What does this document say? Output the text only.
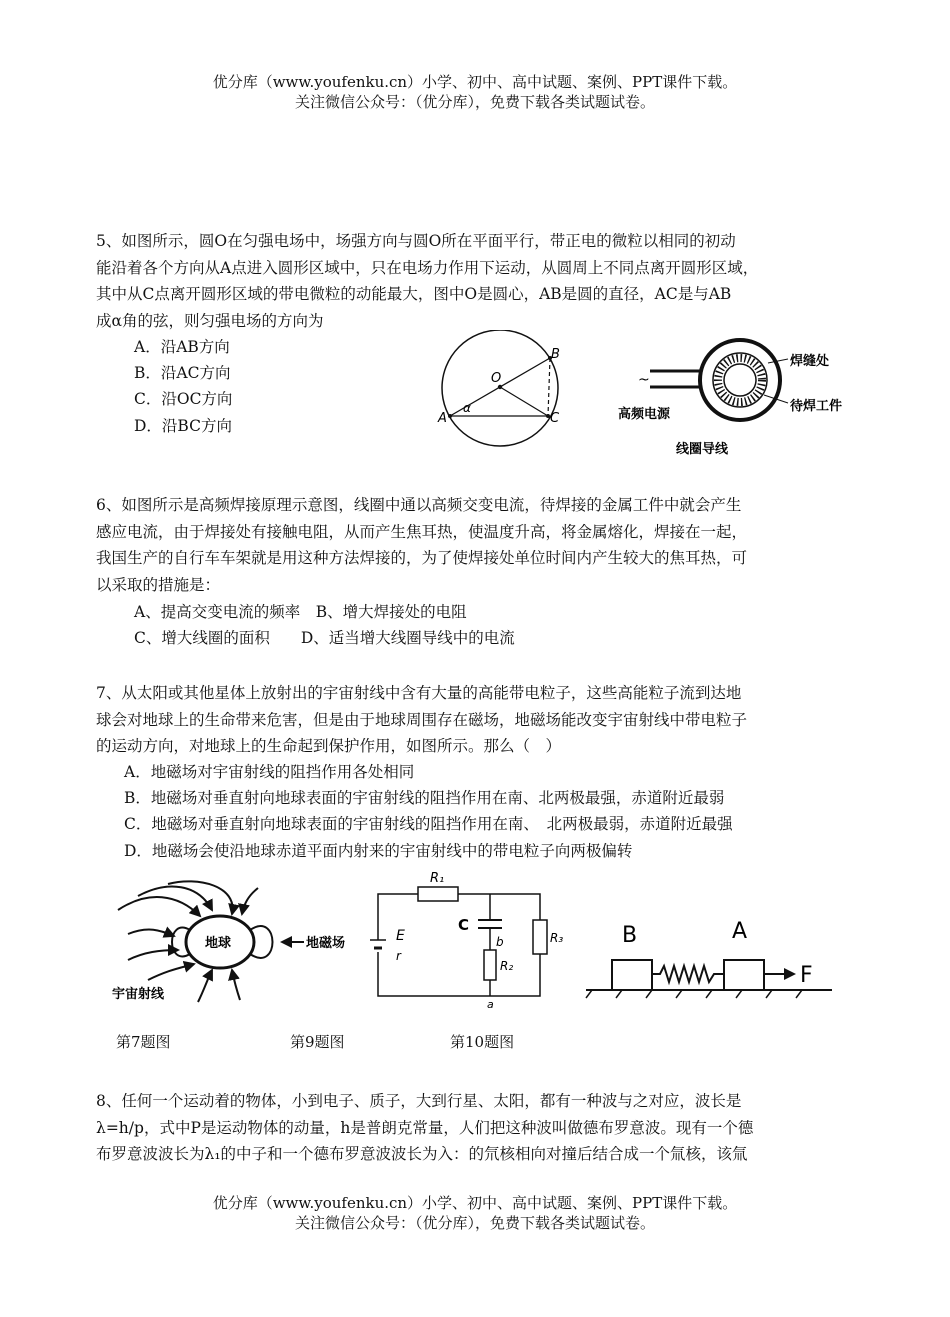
优分库（www.youfenku.cn）小学、初中、高中试题、案例、PPT课件下载。
关注微信公众号：（优分库），免费下载各类试题试卷。
5、如图所示，圆O在匀强电场中，场强方向与圆O所在平面平行，带正电的微粒以相同的初动
能沿着各个方向从A点进入圆形区域中，只在电场力作用下运动，从圆周上不同点离开圆形区域，
其中从C点离开圆形区域的带电微粒的动能最大，图中O是圆心，AB是圆的直径，AC是与AB
成α角的弦，则匀强电场的方向为
A．沿AB方向
B．沿AC方向
C．沿OC方向
D．沿BC方向
O
A
B
C
α
~
焊缝处
待焊工件
高频电源
线圈导线
6、如图所示是高频焊接原理示意图，线圈中通以高频交变电流，待焊接的金属工件中就会产生
感应电流，由于焊接处有接触电阻，从而产生焦耳热，使温度升高，将金属熔化，焊接在一起，
我国生产的自行车车架就是用这种方法焊接的，为了使焊接处单位时间内产生较大的焦耳热，可
以采取的措施是：
A、提高交变电流的频率　B、增大焊接处的电阻
C、增大线圈的面积　　D、适当增大线圈导线中的电流
7、从太阳或其他星体上放射出的宇宙射线中含有大量的高能带电粒子，这些高能粒子流到达地
球会对地球上的生命带来危害，但是由于地球周围存在磁场，地磁场能改变宇宙射线中带电粒子
的运动方向，对地球上的生命起到保护作用，如图所示。那么（　）
A．地磁场对宇宙射线的阻挡作用各处相同
B．地磁场对垂直射向地球表面的宇宙射线的阻挡作用在南、北两极最强，赤道附近最弱
C．地磁场对垂直射向地球表面的宇宙射线的阻挡作用在南、　北两极最弱，赤道附近最强
D．地磁场会使沿地球赤道平面内射来的宇宙射线中的带电粒子向两极偏转
地球	地磁场
宇宙射线
R₁
R₃
R₂
C
E
r
b
a
B	A
F
第7题图	第9题图	第10题图
8、任何一个运动着的物体，小到电子、质子，大到行星、太阳，都有一种波与之对应，波长是
λ=h/p，式中P是运动物体的动量，h是普朗克常量，人们把这种波叫做德布罗意波。现有一个德
布罗意波波长为λ₁的中子和一个德布罗意波波长为入：的氘核相向对撞后结合成一个氚核，该氚
优分库（www.youfenku.cn）小学、初中、高中试题、案例、PPT课件下载。
关注微信公众号：（优分库），免费下载各类试题试卷。
